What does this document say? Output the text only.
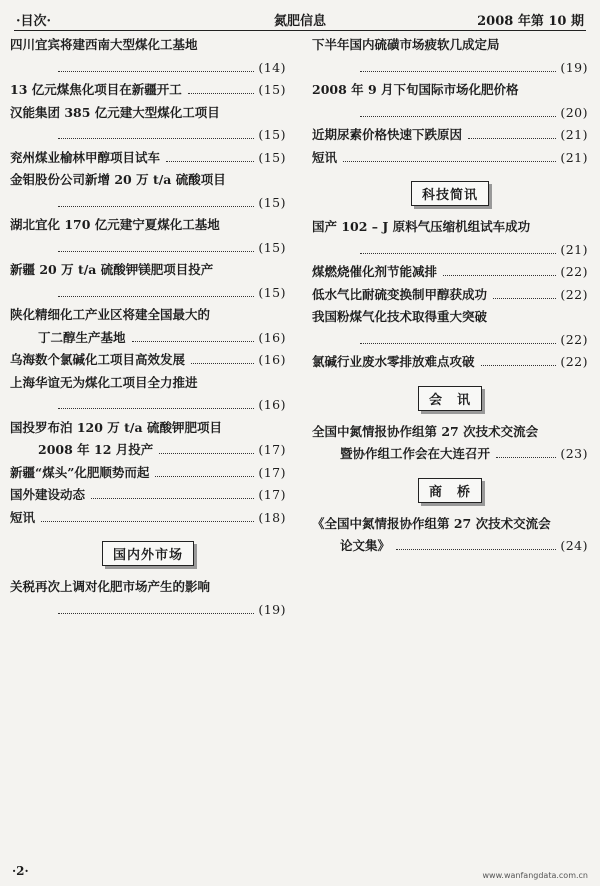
·目次·	氮肥信息	2008 年第 10 期
四川宜宾将建西南大型煤化工基地
(14)
13 亿元煤焦化项目在新疆开工	(15)
汉能集团 385 亿元建大型煤化工项目
(15)
兖州煤业榆林甲醇项目试车	(15)
金钼股份公司新增 20 万 t/a 硫酸项目
(15)
湖北宜化 170 亿元建宁夏煤化工基地
(15)
新疆 20 万 t/a 硫酸钾镁肥项目投产
(15)
陕化精细化工产业区将建全国最大的
丁二醇生产基地	(16)
乌海数个氯碱化工项目高效发展	(16)
上海华谊无为煤化工项目全力推进
(16)
国投罗布泊 120 万 t/a 硫酸钾肥项目
2008 年 12 月投产	(17)
新疆“煤头”化肥顺势而起	(17)
国外建设动态	(17)
短讯	(18)
国内外市场
关税再次上调对化肥市场产生的影响
(19)
下半年国内硫磺市场疲软几成定局
(19)
2008 年 9 月下旬国际市场化肥价格
(20)
近期尿素价格快速下跌原因	(21)
短讯	(21)
科技简讯
国产 102 – J 原料气压缩机组试车成功
(21)
煤燃烧催化剂节能减排	(22)
低水气比耐硫变换制甲醇获成功	(22)
我国粉煤气化技术取得重大突破
(22)
氯碱行业废水零排放难点攻破	(22)
会　讯
全国中氮情报协作组第 27 次技术交流会
暨协作组工作会在大连召开	(23)
商　桥
《全国中氮情报协作组第 27 次技术交流会
论文集》	(24)
·2·	www.wanfangdata.com.cn
